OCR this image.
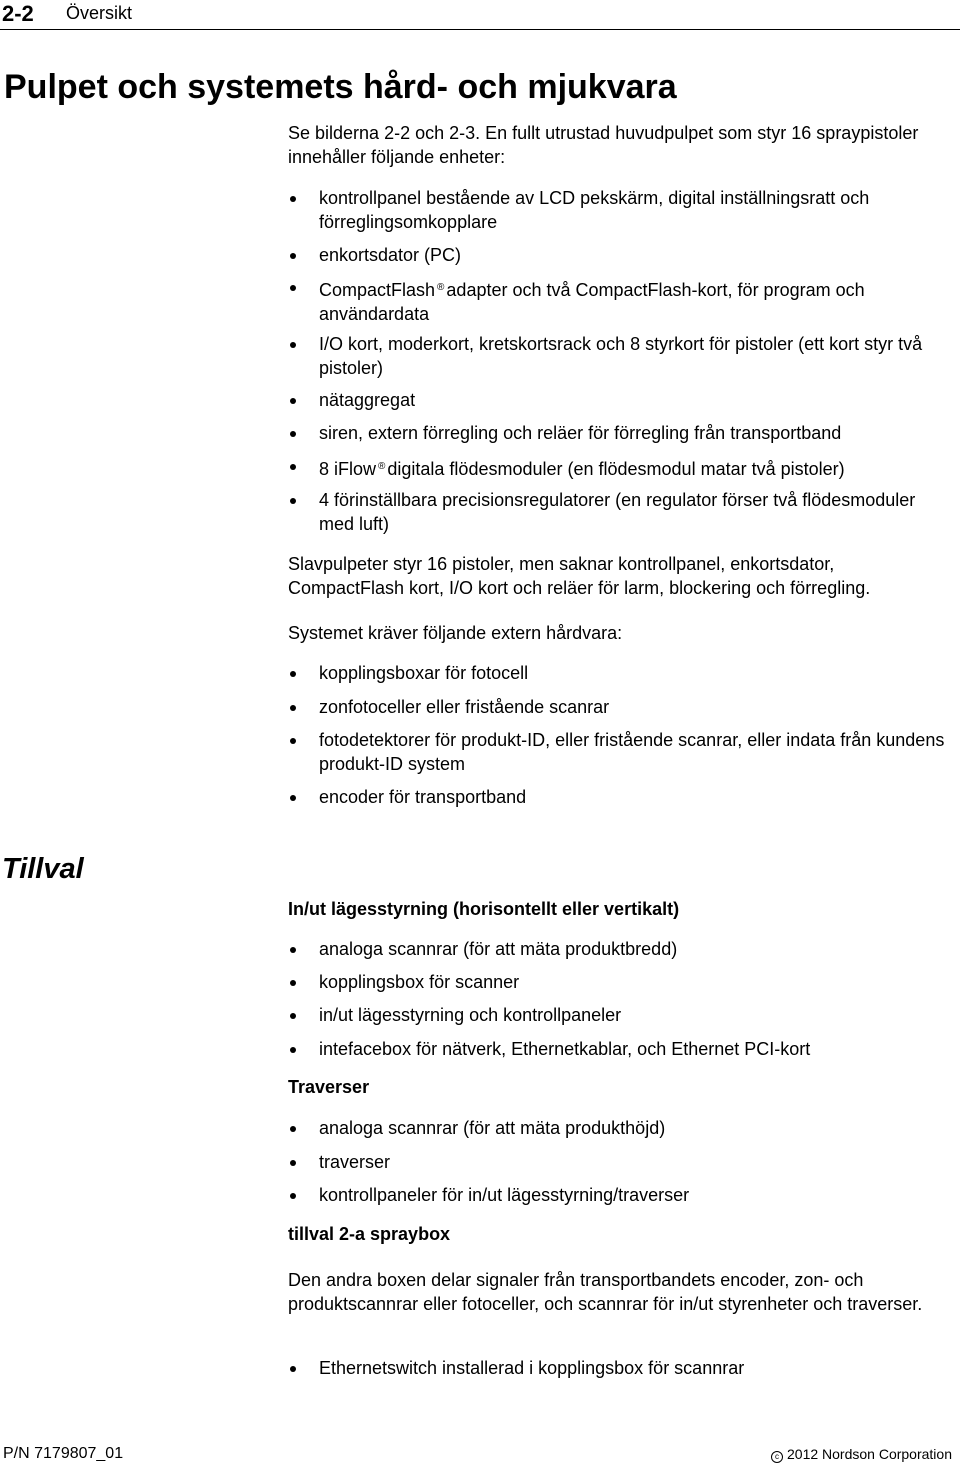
2-2 Översikt
Pulpet och systemets hård- och mjukvara
Se bilderna 2-2 och 2-3. En fullt utrustad huvudpulpet som styr 16 spraypistoler innehåller följande enheter:
kontrollpanel bestående av LCD pekskärm, digital inställningsratt och förreglingsomkopplare
enkortsdator (PC)
CompactFlash ® adapter och två CompactFlash-kort, för program och användardata
I/O kort, moderkort, kretskortsrack och 8 styrkort för pistoler (ett kort styr två pistoler)
nätaggregat
siren, extern förregling och reläer för förregling från transportband
8 iFlow ® digitala flödesmoduler (en flödesmodul matar två pistoler)
4 förinställbara precisionsregulatorer (en regulator förser två flödesmoduler med luft)
Slavpulpeter styr 16 pistoler, men saknar kontrollpanel, enkortsdator, CompactFlash kort, I/O kort och reläer för larm, blockering och förregling.
Systemet kräver följande extern hårdvara:
kopplingsboxar för fotocell
zonfotoceller eller fristående scanrar
fotodetektorer för produkt-ID, eller fristående scanrar, eller indata från kundens produkt-ID system
encoder för transportband
Tillval
In/ut lägesstyrning (horisontellt eller vertikalt)
analoga scannrar (för att mäta produktbredd)
kopplingsbox för scanner
in/ut lägesstyrning och kontrollpaneler
intefacebox för nätverk, Ethernetkablar, och Ethernet PCI-kort
Traverser
analoga scannrar (för att mäta produkthöjd)
traverser
kontrollpaneler för in/ut lägesstyrning/traverser
tillval 2-a spraybox
Den andra boxen delar signaler från transportbandets encoder, zon- och produktscannrar eller fotoceller, och scannrar för in/ut styrenheter och traverser.
Ethernetswitch installerad i kopplingsbox för scannrar
P/N 7179807_01	c 2012 Nordson Corporation
